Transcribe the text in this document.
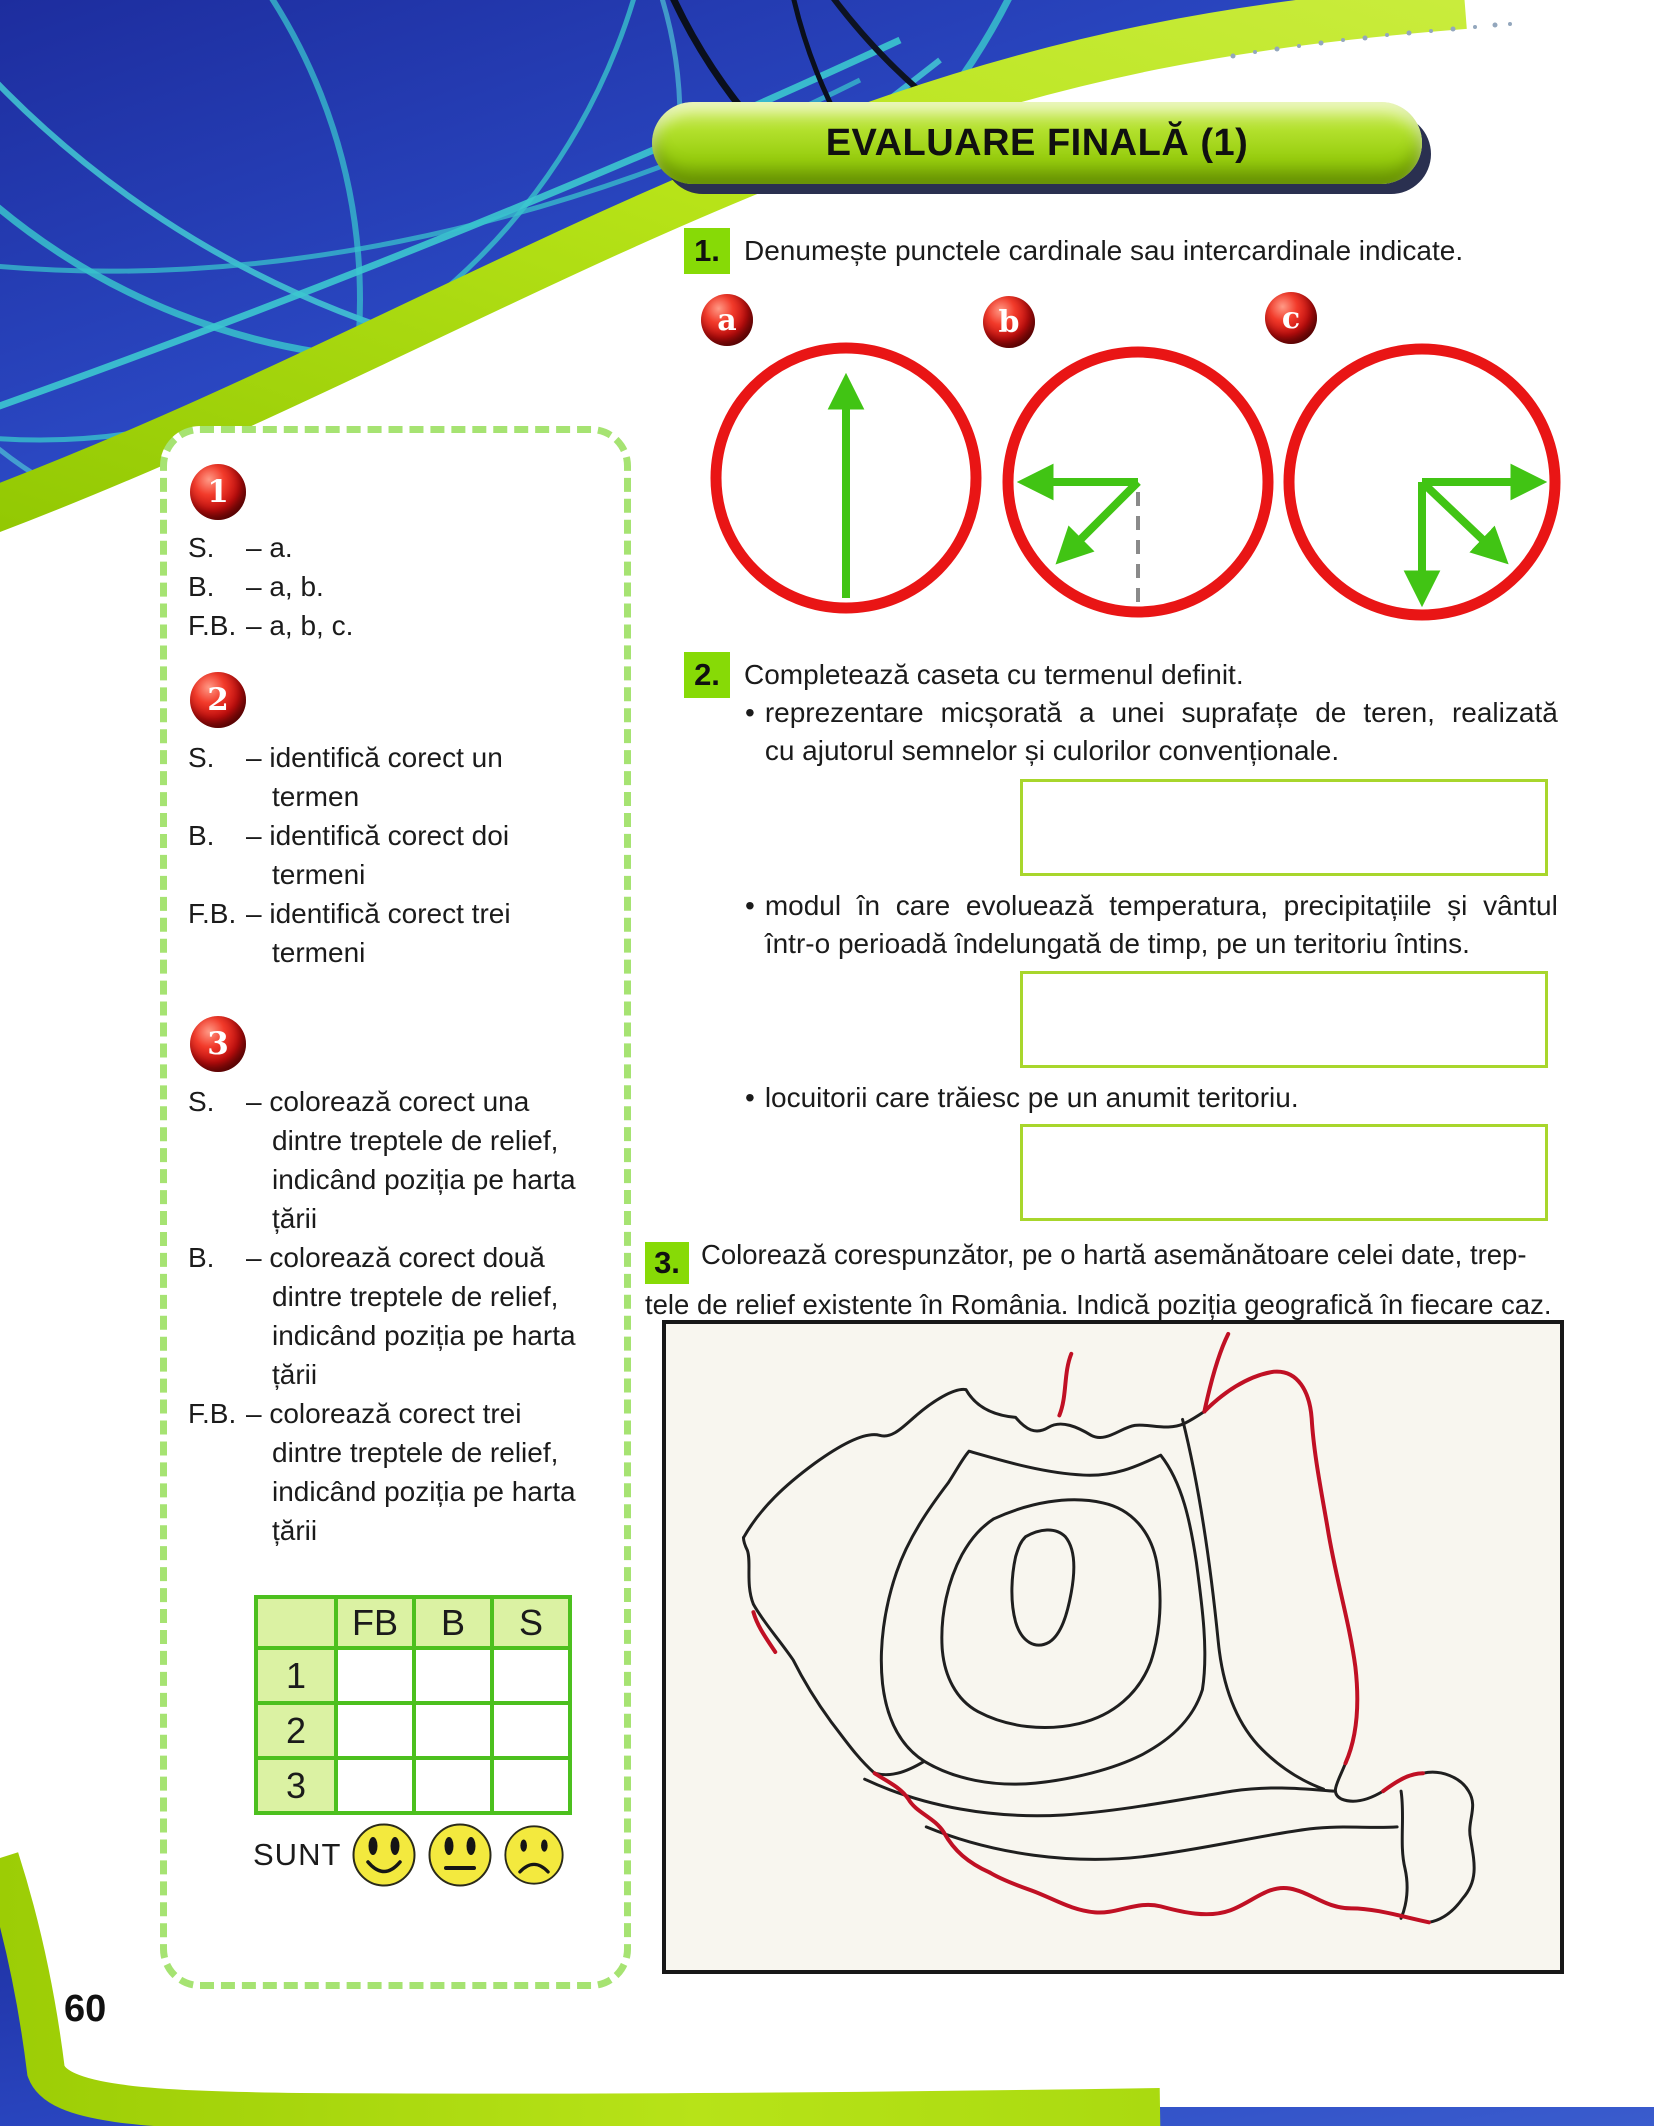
EVALUARE FINALĂ (1)
1. Denumește punctele cardinale sau intercardinale indicate.
a	b	c
2. Completează caseta cu termenul definit.
• reprezentare micșorată a unei suprafațe de teren, realizată
cu ajutorul semnelor și culorilor convenționale.
• modul în care evoluează temperatura, precipitațiile și vântul
într-o perioadă îndelungată de timp, pe un teritoriu întins.
• locuitorii care trăiesc pe un anumit teritoriu.
3. Colorează corespunzător, pe o hartă asemănătoare celei date, trep-
tele de relief existente în România. Indică poziția geografică în fiecare caz.
1
S.	– a.
B.	– a, b.
F.B. – a, b, c.
2
S.	– identifică corect un termen
B.	– identifică corect doi termeni
F.B. – identifică corect trei termeni
3
S.	– colorează corect una dintre treptele de relief, indicând poziția pe harta țării
B.	– colorează corect două dintre treptele de relief, indicând poziția pe harta țării
F.B. – colorează corect trei dintre treptele de relief, indicând poziția pe harta țării
	FB	B	S
1			
2			
3			
SUNT
60
